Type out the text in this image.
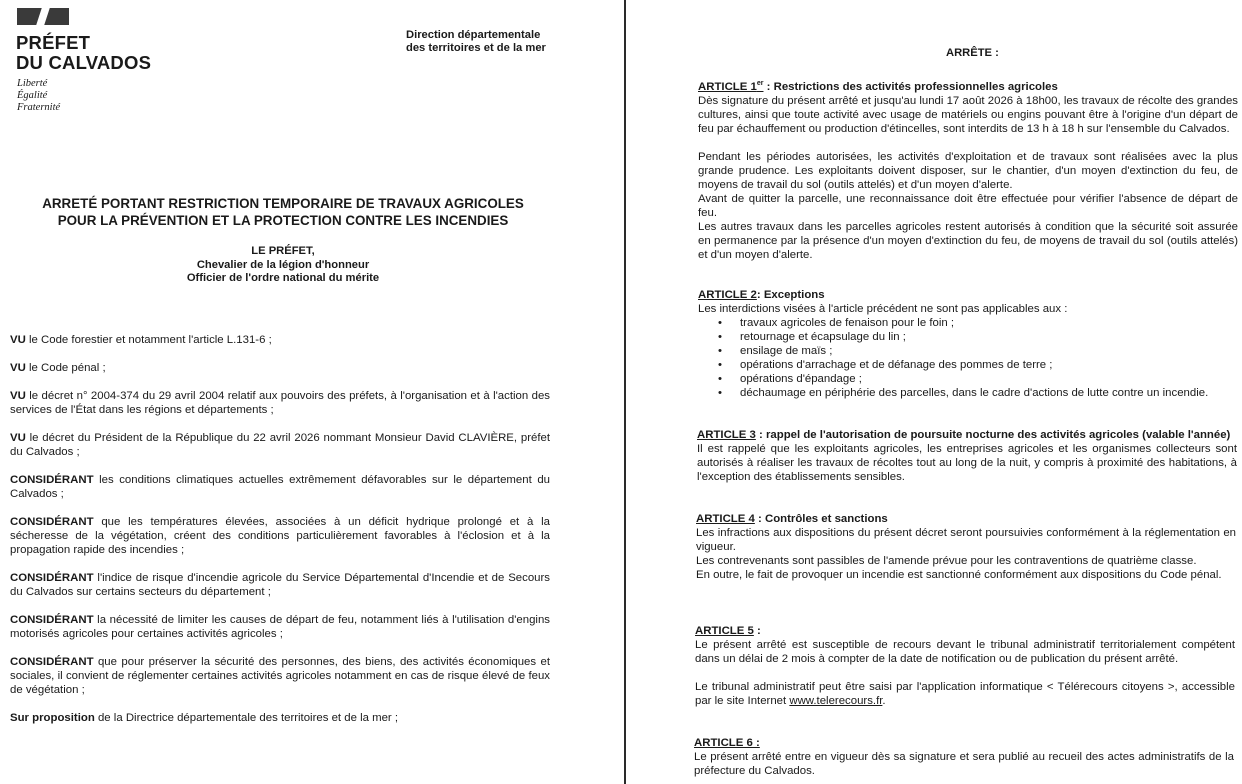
PRÉFET
DU CALVADOS
Liberté
Égalité
Fraternité
Direction départementale
des territoires et de la mer
ARRETÉ PORTANT RESTRICTION TEMPORAIRE DE TRAVAUX AGRICOLES
POUR LA PRÉVENTION ET LA PROTECTION CONTRE LES INCENDIES
LE PRÉFET,
Chevalier de la légion d'honneur
Officier de l'ordre national du mérite
VU le Code forestier et notamment l'article L.131-6 ;
VU le Code pénal ;
VU le décret n° 2004-374 du 29 avril 2004 relatif aux pouvoirs des préfets, à l'organisation et à l'action des services de l'État dans les régions et départements ;
VU le décret du Président de la République du 22 avril 2026 nommant Monsieur David CLAVIÈRE, préfet du Calvados ;
CONSIDÉRANT les conditions climatiques actuelles extrêmement défavorables sur le département du Calvados ;
CONSIDÉRANT que les températures élevées, associées à un déficit hydrique prolongé et à la sécheresse de la végétation, créent des conditions particulièrement favorables à l'éclosion et à la propagation rapide des incendies ;
CONSIDÉRANT l'indice de risque d'incendie agricole du Service Départemental d'Incendie et de Secours du Calvados sur certains secteurs du département ;
CONSIDÉRANT la nécessité de limiter les causes de départ de feu, notamment liés à l'utilisation d'engins motorisés agricoles pour certaines activités agricoles ;
CONSIDÉRANT que pour préserver la sécurité des personnes, des biens, des activités économiques et sociales, il convient de réglementer certaines activités agricoles notamment en cas de risque élevé de feux de végétation ;
Sur proposition de la Directrice départementale des territoires et de la mer ;
ARRÊTE :
ARTICLE 1er : Restrictions des activités professionnelles agricoles
Dès signature du présent arrêté et jusqu'au lundi 17 août 2026 à 18h00, les travaux de récolte des grandes cultures, ainsi que toute activité avec usage de matériels ou engins pouvant être à l'origine d'un départ de feu par échauffement ou production d'étincelles, sont interdits de 13 h à 18 h sur l'ensemble du Calvados.
Pendant les périodes autorisées, les activités d'exploitation et de travaux sont réalisées avec la plus grande prudence. Les exploitants doivent disposer, sur le chantier, d'un moyen d'extinction du feu, de moyens de travail du sol (outils attelés) et d'un moyen d'alerte.
Avant de quitter la parcelle, une reconnaissance doit être effectuée pour vérifier l'absence de départ de feu.
Les autres travaux dans les parcelles agricoles restent autorisés à condition que la sécurité soit assurée en permanence par la présence d'un moyen d'extinction du feu, de moyens de travail du sol (outils attelés) et d'un moyen d'alerte.
ARTICLE 2: Exceptions
Les interdictions visées à l'article précédent ne sont pas applicables aux :
• travaux agricoles de fenaison pour le foin ;
• retournage et écapsulage du lin ;
• ensilage de maïs ;
• opérations d'arrachage et de défanage des pommes de terre ;
• opérations d'épandage ;
• déchaumage en périphérie des parcelles, dans le cadre d'actions de lutte contre un incendie.
ARTICLE 3 : rappel de l'autorisation de poursuite nocturne des activités agricoles (valable l'année)
Il est rappelé que les exploitants agricoles, les entreprises agricoles et les organismes collecteurs sont autorisés à réaliser les travaux de récoltes tout au long de la nuit, y compris à proximité des habitations, à l'exception des établissements sensibles.
ARTICLE 4 : Contrôles et sanctions
Les infractions aux dispositions du présent décret seront poursuivies conformément à la réglementation en vigueur.
Les contrevenants sont passibles de l'amende prévue pour les contraventions de quatrième classe.
En outre, le fait de provoquer un incendie est sanctionné conformément aux dispositions du Code pénal.
ARTICLE 5 :
Le présent arrêté est susceptible de recours devant le tribunal administratif territorialement compétent dans un délai de 2 mois à compter de la date de notification ou de publication du présent arrêté.
Le tribunal administratif peut être saisi par l'application informatique < Télérecours citoyens >, accessible par le site Internet www.telerecours.fr.
ARTICLE 6 :
Le présent arrêté entre en vigueur dès sa signature et sera publié au recueil des actes administratifs de la préfecture du Calvados.
